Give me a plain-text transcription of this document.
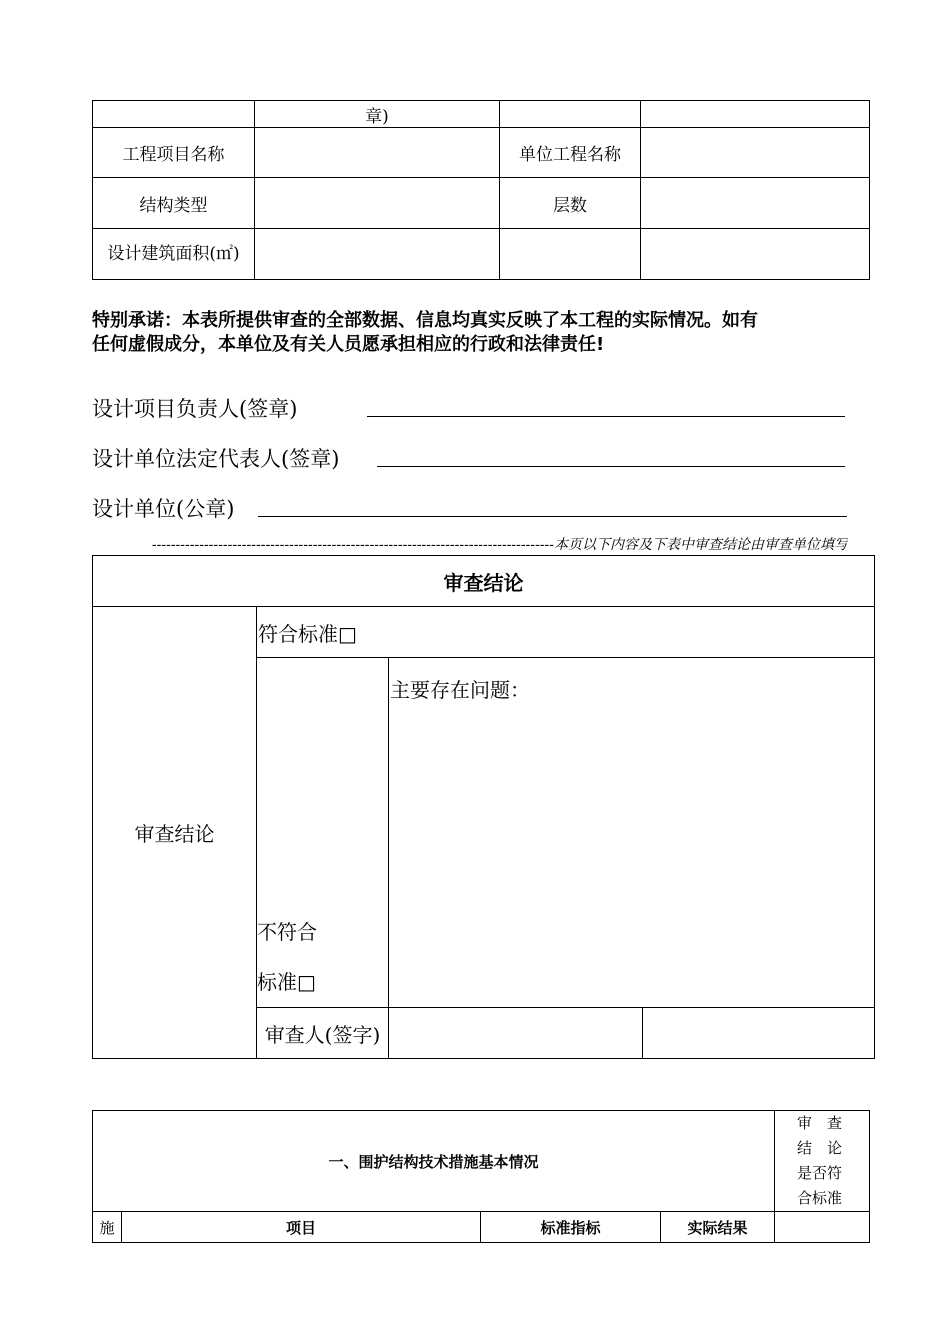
	章)		
工程项目名称		单位工程名称	
结构类型		层数	
设计建筑面积(㎡)			
特别承诺：本表所提供审查的全部数据、信息均真实反映了本工程的实际情况。如有
任何虚假成分，本单位及有关人员愿承担相应的行政和法律责任!
设计项目负责人(签章)
设计单位法定代表人(签章)
设计单位(公章)
-------------------------------------------------------------------------------------本页以下内容及下表中审查结论由审查单位填写
审查结论				
审查结论	符合标准□			

	不符合
标准□	主要存在问题：		
	审查人(签字)			
一、围护结构技术措施基本情况				审　查
结　论
是否符
合标准

施	项目	标准指标	实际结果	
